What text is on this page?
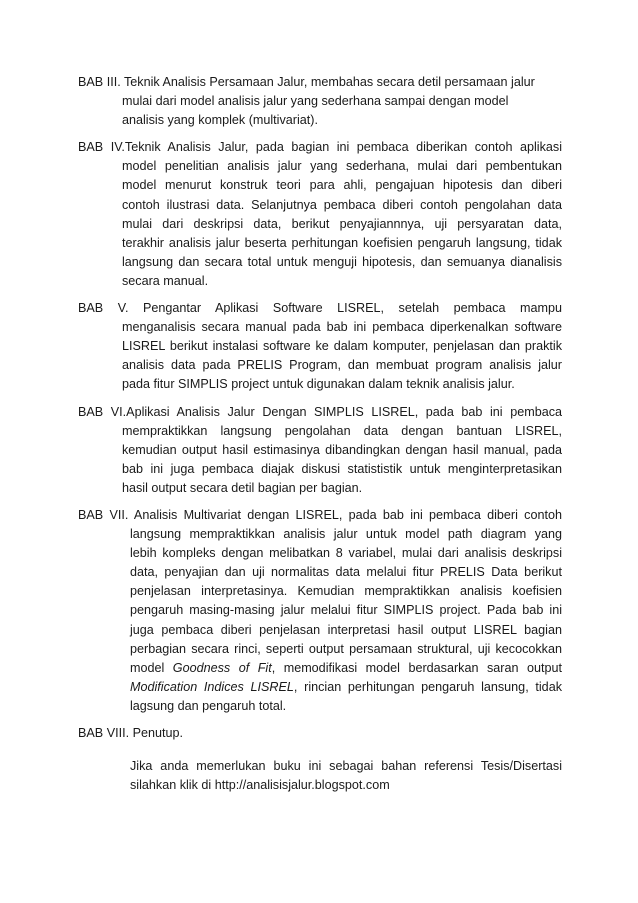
BAB III. Teknik Analisis Persamaan Jalur, membahas secara detil persamaan jalur
mulai dari model analisis jalur yang sederhana sampai dengan model
analisis yang komplek (multivariat).
BAB IV.Teknik Analisis Jalur, pada bagian ini pembaca diberikan contoh aplikasi
model penelitian analisis jalur yang sederhana, mulai dari pembentukan
model menurut konstruk teori para ahli, pengajuan hipotesis dan diberi
contoh ilustrasi data. Selanjutnya pembaca diberi contoh pengolahan data
mulai dari deskripsi data, berikut penyajiannnya, uji persyaratan data,
terakhir analisis jalur beserta perhitungan koefisien pengaruh langsung, tidak
langsung dan secara total untuk menguji hipotesis, dan semuanya dianalisis
secara manual.
BAB V. Pengantar Aplikasi Software LISREL, setelah pembaca mampu
menganalisis secara manual pada bab ini pembaca diperkenalkan software
LISREL berikut instalasi software ke dalam komputer, penjelasan dan praktik
analisis data pada PRELIS Program, dan membuat program analisis jalur
pada fitur SIMPLIS project untuk digunakan dalam teknik analisis jalur.
BAB VI.Aplikasi Analisis Jalur Dengan SIMPLIS LISREL, pada bab ini pembaca
mempraktikkan langsung pengolahan data dengan bantuan LISREL,
kemudian output hasil estimasinya dibandingkan dengan hasil manual, pada
bab ini juga pembaca diajak diskusi statististik untuk menginterpretasikan
hasil output secara detil bagian per bagian.
BAB VII. Analisis Multivariat dengan LISREL, pada bab ini pembaca diberi contoh
langsung mempraktikkan analisis jalur untuk model path diagram yang
lebih kompleks dengan melibatkan 8 variabel, mulai dari analisis deskripsi
data, penyajian dan uji normalitas data melalui fitur PRELIS Data berikut
penjelasan interpretasinya. Kemudian mempraktikkan analisis koefisien
pengaruh masing-masing jalur melalui fitur SIMPLIS project. Pada bab ini
juga pembaca diberi penjelasan interpretasi hasil output LISREL bagian
perbagian secara rinci, seperti output persamaan struktural, uji kecocokkan
model Goodness of Fit, memodifikasi model berdasarkan saran output
Modification Indices LISREL, rincian perhitungan pengaruh lansung, tidak
lagsung dan pengaruh total.
BAB VIII. Penutup.
Jika anda memerlukan buku ini sebagai bahan referensi Tesis/Disertasi
silahkan klik di http://analisisjalur.blogspot.com
